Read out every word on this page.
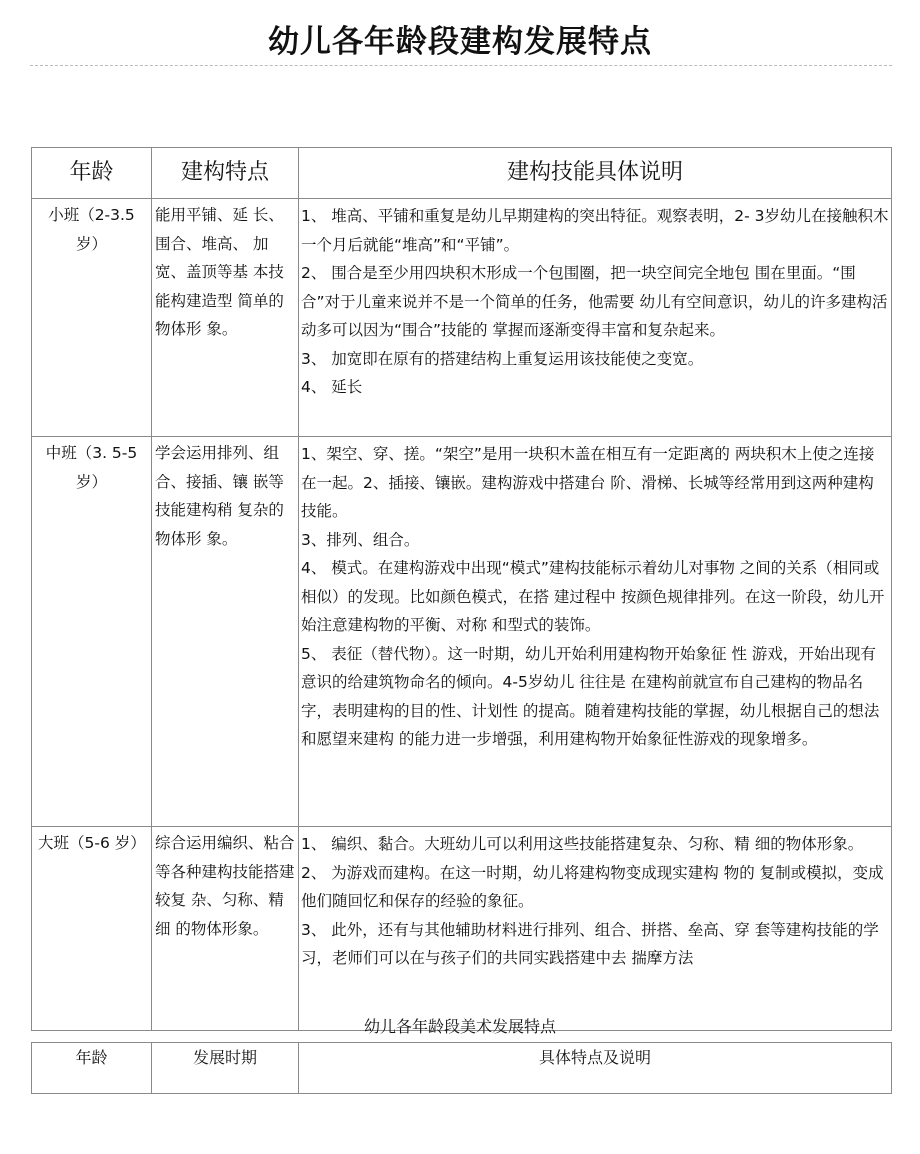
幼儿各年龄段建构发展特点
年龄	建构特点	建构技能具体说明
小班（2-3.5岁）	能用平铺、延 长、围合、堆高、 加宽、盖顶等基 本技能构建造型 简单的物体形 象。	1、 堆高、平铺和重复是幼儿早期建构的突出特征。观察表明，2- 3岁幼儿在接触积木一个月后就能“堆高”和“平铺”。

2、 围合是至少用四块积木形成一个包围圈，把一块空间完全地包 围在里面。“围合”对于儿童来说并不是一个简单的任务，他需要 幼儿有空间意识，幼儿的许多建构活动多可以因为“围合”技能的 掌握而逐渐变得丰富和复杂起来。

3、 加宽即在原有的搭建结构上重复运用该技能使之变宽。

4、 延长

中班（3. 5-5岁）	学会运用排列、组合、接插、镶 嵌等技能建构稍 复杂的物体形 象。	1、架空、穿、搓。“架空”是用一块积木盖在相互有一定距离的 两块积木上使之连接在一起。2、插接、镶嵌。建构游戏中搭建台 阶、滑梯、长城等经常用到这两种建构技能。

3、排列、组合。

4、 模式。在建构游戏中出现“模式”建构技能标示着幼儿对事物 之间的关系（相同或相似）的发现。比如颜色模式，在搭 建过程中 按颜色规律排列。在这一阶段，幼儿开始注意建构物的平衡、对称 和型式的装饰。

5、 表征（替代物）。这一时期，幼儿开始利用建构物开始象征 性 游戏，开始出现有意识的给建筑物命名的倾向。4-5岁幼儿 往往是 在建构前就宣布自己建构的物品名字，表明建构的目的性、计划性 的提高。随着建构技能的掌握，幼儿根据自己的想法和愿望来建构 的能力进一步增强，利用建构物开始象征性游戏的现象增多。

大班（5-6 岁）	综合运用编织、粘合等各种建构技能搭建较复 杂、匀称、精细 的物体形象。	1、 编织、黏合。大班幼儿可以利用这些技能搭建复杂、匀称、精 细的物体形象。

2、 为游戏而建构。在这一时期，幼儿将建构物变成现实建构 物的 复制或模拟，变成他们随回忆和保存的经验的象征。

3、 此外，还有与其他辅助材料进行排列、组合、拼搭、垒高、穿 套等建构技能的学习，老师们可以在与孩子们的共同实践搭建中去 揣摩方法

幼儿各年龄段美术发展特点
年龄	发展时期	具体特点及说明
